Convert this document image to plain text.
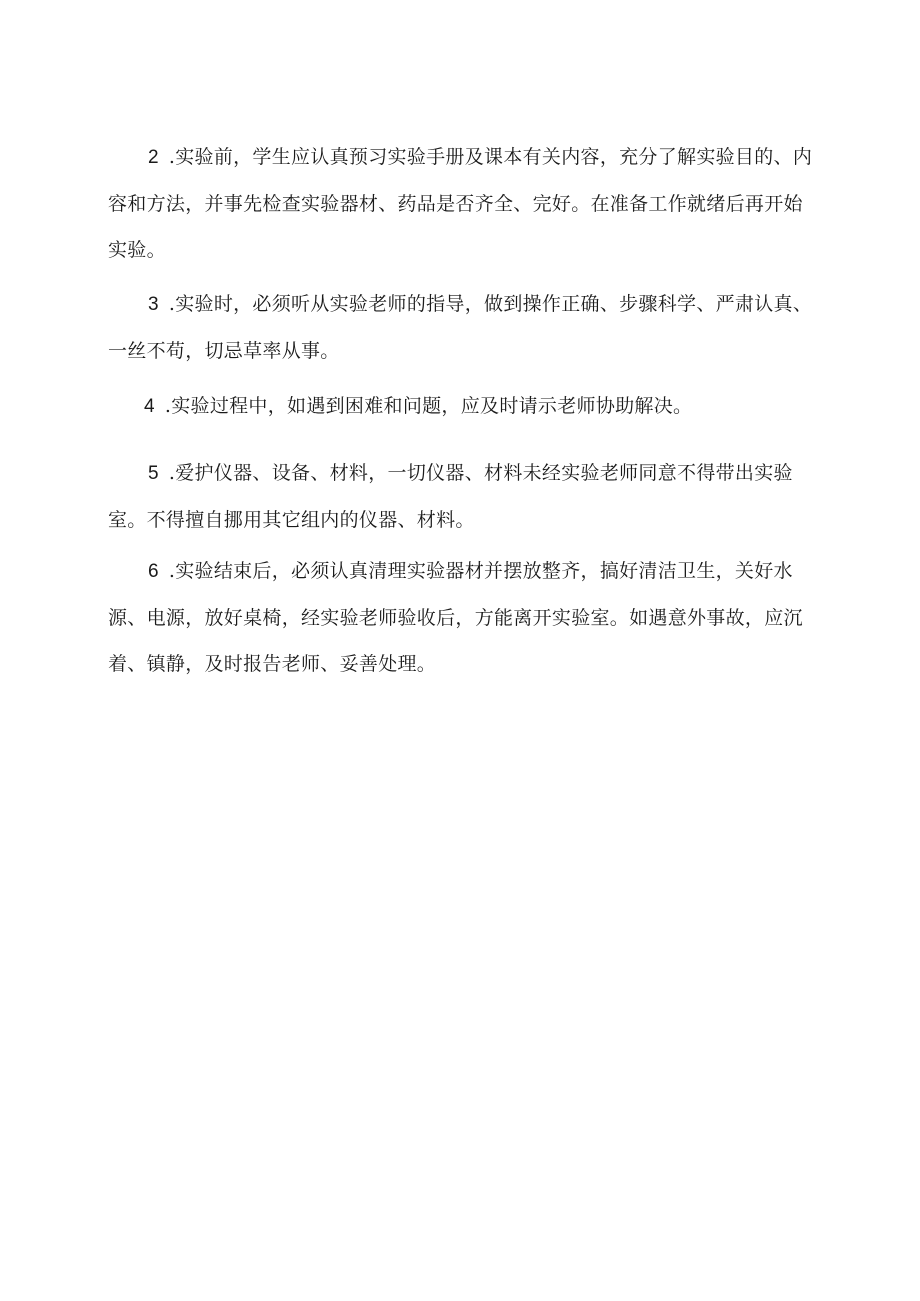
2 .实验前，学生应认真预习实验手册及课本有关内容，充分了解实验目的、内容和方法，并事先检查实验器材、药品是否齐全、完好。在准备工作就绪后再开始实验。

3 .实验时，必须听从实验老师的指导，做到操作正确、步骤科学、严肃认真、一丝不苟，切忌草率从事。

4 .实验过程中，如遇到困难和问题，应及时请示老师协助解决。

5 .爱护仪器、设备、材料，一切仪器、材料未经实验老师同意不得带出实验室。不得擅自挪用其它组内的仪器、材料。

6 .实验结束后，必须认真清理实验器材并摆放整齐，搞好清洁卫生，关好水源、电源，放好桌椅，经实验老师验收后，方能离开实验室。如遇意外事故，应沉着、镇静，及时报告老师、妥善处理。
